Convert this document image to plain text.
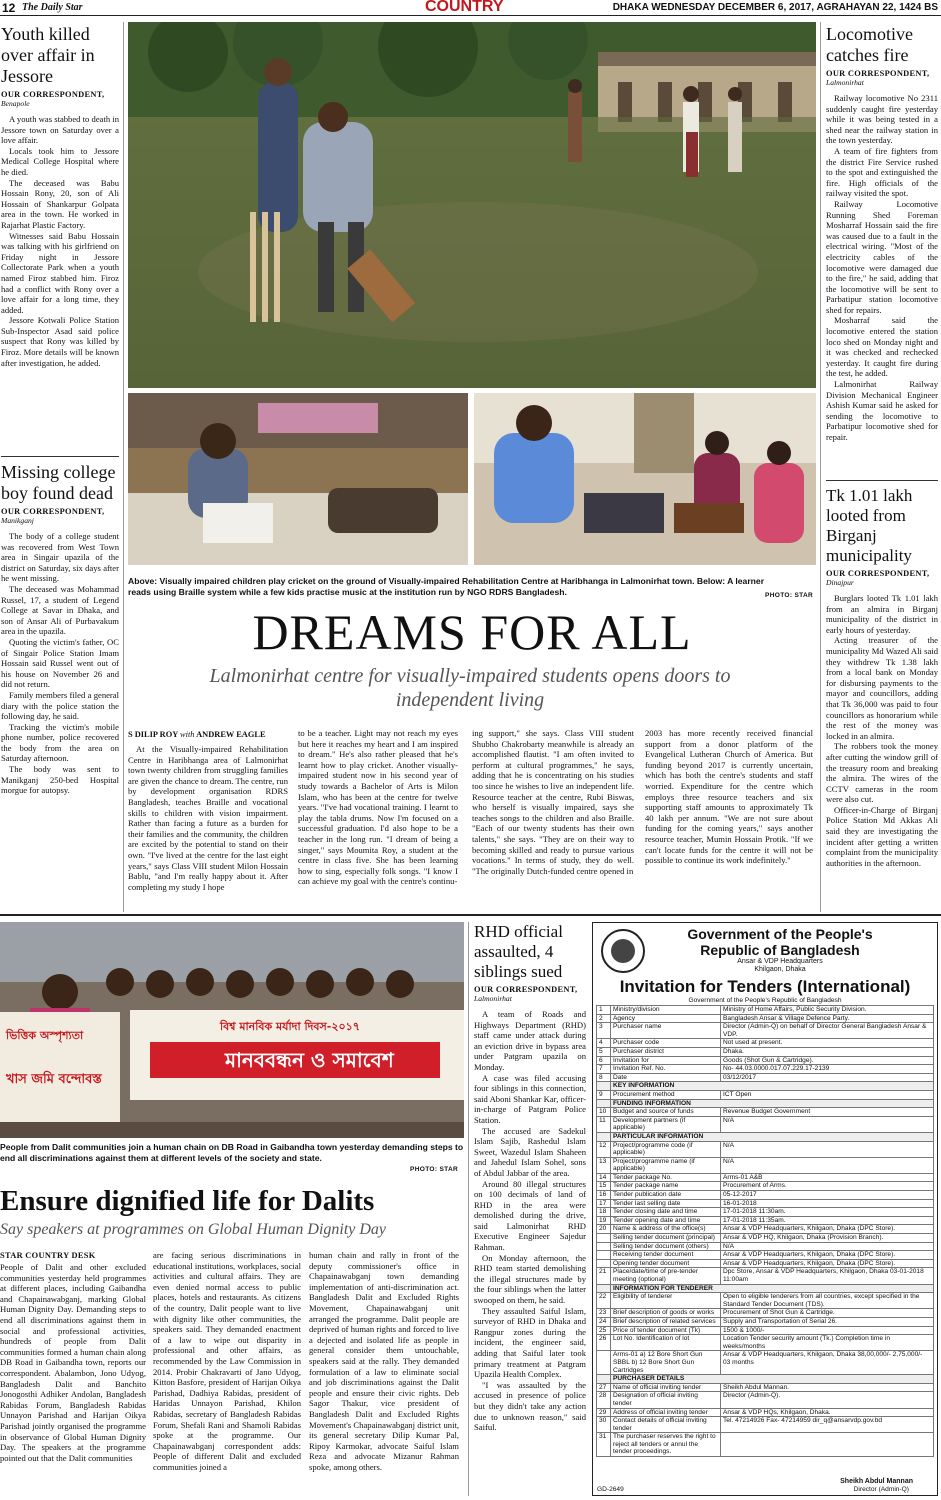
12 The Daily Star	COUNTRY	DHAKA WEDNESDAY DECEMBER 6, 2017, AGRAHAYAN 22, 1424 BS
Youth killed over affair in Jessore
OUR CORRESPONDENT,
Benapole

A youth was stabbed to death in Jessore town on Saturday over a love affair.

Locals took him to Jessore Medical College Hospital where he died.

The deceased was Babu Hossain Rony, 20, son of Ali Hossain of Shankarpur Golpata area in the town. He worked in Rajarhat Plastic Factory.

Witnesses said Babu Hossain was talking with his girlfriend on Friday night in Jessore Collectorate Park when a youth named Firoz stabbed him. Firoz had a conflict with Rony over a love affair for a long time, they added.

Jessore Kotwali Police Station Sub-Inspector Asad said police suspect that Rony was killed by Firoz. More details will be known after investigation, he added.

Missing college boy found dead
OUR CORRESPONDENT,
Manikganj

The body of a college student was recovered from West Town area in Singair upazila of the district on Saturday, six days after he went missing.

The deceased was Mohammad Russel, 17, a student of Legend College at Savar in Dhaka, and son of Ansar Ali of Purbavakum area in the upazila.

Quoting the victim's father, OC of Singair Police Station Imam Hossain said Russel went out of his house on November 26 and did not return.

Family members filed a general diary with the police station the following day, he said.

Tracking the victim's mobile phone number, police recovered the body from the area on Saturday afternoon.

The body was sent to Manikganj 250-bed Hospital morgue for autopsy.

Locomotive catches fire
OUR CORRESPONDENT,
Lalmonirhat

Railway locomotive No 2311 suddenly caught fire yesterday while it was being tested in a shed near the railway station in the town yesterday.

A team of fire fighters from the district Fire Service rushed to the spot and extinguished the fire. High officials of the railway visited the spot.

Railway Locomotive Running Shed Foreman Mosharraf Hossain said the fire was caused due to a fault in the electrical wiring. "Most of the electricity cables of the locomotive were damaged due to the fire," he said, adding that the locomotive will be sent to Parbatipur station locomotive shed for repairs.

Mosharraf said the locomotive entered the station loco shed on Monday night and it was checked and rechecked yesterday. It caught fire during the test, he added.

Lalmonirhat Railway Division Mechanical Engineer Ashish Kumar said he asked for sending the locomotive to Parbatipur locomotive shed for repair.

Tk 1.01 lakh looted from Birganj municipality
OUR CORRESPONDENT,
Dinajpur

Burglars looted Tk 1.01 lakh from an almira in Birganj municipality of the district in early hours of yesterday.

Acting treasurer of the municipality Md Wazed Ali said they withdrew Tk 1.38 lakh from a local bank on Monday for disbursing payments to the mayor and councillors, adding that Tk 36,000 was paid to four councillors as honorarium while the rest of the money was locked in an almira.

The robbers took the money after cutting the window grill of the treasury room and breaking the almira. The wires of the CCTV cameras in the room were also cut.

Officer-in-Charge of Birganj Police Station Md Akkas Ali said they are investigating the incident after getting a written complaint from the municipality authorities in the afternoon.

Above: Visually impaired children play cricket on the ground of Visually-impaired Rehabilitation Centre at Haribhanga in Lalmonirhat town. Below: A learner reads using Braille system while a few kids practise music at the institution run by NGO RDRS Bangladesh.	PHOTO: STAR
DREAMS FOR ALL
Lalmonirhat centre for visually-impaired students opens doors to independent living
S DILIP ROY with ANDREW EAGLE
At the Visually-impaired Rehabilitation Centre in Haribhanga area of Lalmonirhat town twenty children from struggling families are given the chance to dream. The centre, run by development organisation RDRS Bangladesh, teaches Braille and vocational skills to children with vision impairment. Rather than facing a future as a burden for their families and the community, the children are excited by the potential to stand on their own. "I've lived at the centre for the last eight years," says Class VIII student Milon Hossain Bablu, "and I'm really happy about it. After completing my study I hope
to be a teacher. Light may not reach my eyes but here it reaches my heart and I am inspired to dream." He's also rather pleased that he's learnt how to play cricket. Another visually-impaired student now in his second year of study towards a Bachelor of Arts is Milon Islam, who has been at the centre for twelve years. "I've had vocational training. I learnt to play the tabla drums. Now I'm focused on a successful graduation. I'd also hope to be a teacher in the long run. "I dream of being a singer," says Moumita Roy, a student at the centre in class five. She has been learning how to sing, especially folk songs. "I know I can achieve my goal with the centre's continu-
ing support," she says. Class VIII student Shubho Chakrobarty meanwhile is already an accomplished flautist. "I am often invited to perform at cultural programmes," he says, adding that he is concentrating on his studies too since he wishes to live an independent life. Resource teacher at the centre, Rubi Biswas, who herself is visually impaired, says she teaches songs to the children and also Braille. "Each of our twenty students has their own talents," she says. "They are on their way to becoming skilled and ready to pursue various vocations." In terms of study, they do well. "The originally Dutch-funded centre opened in
2003 has more recently received financial support from a donor platform of the Evangelical Lutheran Church of America. But funding beyond 2017 is currently uncertain, which has both the centre's students and staff worried. Expenditure for the centre which employs three resource teachers and six supporting staff amounts to approximately Tk 40 lakh per annum. "We are not sure about funding for the coming years," says another resource teacher, Mumin Hossain Protik. "If we can't locate funds for the centre it will not be possible to continue its work indefinitely."
বিশ্ব মানবিক মর্যাদা দিবস-২০১৭
মানববন্ধন ও সমাবেশ
ভিত্তিক অস্পৃশ্যতা
খাস জমি বন্দোবস্ত
People from Dalit communities join a human chain on DB Road in Gaibandha town yesterday demanding steps to end all discriminations against them at different levels of the society and state.
PHOTO: STAR
Ensure dignified life for Dalits
Say speakers at programmes on Global Human Dignity Day
STAR COUNTRY DESK
People of Dalit and other excluded communities yesterday held programmes at different places, including Gaibandha and Chapainawabganj, marking Global Human Dignity Day. Demanding steps to end all discriminations against them in social and professional activities, hundreds of people from Dalit communities formed a human chain along DB Road in Gaibandha town, reports our correspondent. Abalambon, Jono Udyog, Bangladesh Dalit and Banchito Jonogosthi Adhiker Andolan, Bangladesh Rabidas Forum, Bangladesh Rabidas Unnayon Parishad and Harijan Oikya Parishad jointly organised the programme in observance of Global Human Dignity Day. The speakers at the programme pointed out that the Dalit communities
are facing serious discriminations in educational institutions, workplaces, social activities and cultural affairs. They are even denied normal access to public places, hotels and restaurants. As citizens of the country, Dalit people want to live with dignity like other communities, the speakers said. They demanded enactment of a law to wipe out disparity in professional and other affairs, as recommended by the Law Commission in 2014. Probir Chakravarti of Jano Udyog, Kitton Basfore, president of Harijan Oikya Parishad, Dadhiya Rabidas, president of Haridas Unnayon Parishad, Khilon Rabidas, secretary of Bangladesh Rabidas Forum, Shefali Rani and Shamoli Rabidas spoke at the programme. Our Chapainawabganj correspondent adds: People of different Dalit and excluded communities joined a
human chain and rally in front of the deputy commissioner's office in Chapainawabganj town demanding implementation of anti-discrimination act. Bangladesh Dalit and Excluded Rights Movement, Chapainawabganj unit arranged the programme. Dalit people are deprived of human rights and forced to live a dejected and isolated life as people in general consider them untouchable, speakers said at the rally. They demanded formulation of a law to eliminate social and job discriminations against the Dalit people and ensure their civic rights. Deb Sagor Thakur, vice president of Bangladesh Dalit and Excluded Rights Movement's Chapainawabganj district unit, its general secretary Dilip Kumar Pal, Ripoy Karmokar, advocate Saiful Islam Reza and advocate Mizanur Rahman spoke, among others.
RHD official assaulted, 4 siblings sued
OUR CORRESPONDENT,
Lalmonirhat

A team of Roads and Highways Department (RHD) staff came under attack during an eviction drive in bypass area under Patgram upazila on Monday.

A case was filed accusing four siblings in this connection, said Aboni Shankar Kar, officer-in-charge of Patgram Police Station.

The accused are Sadekul Islam Sajib, Rashedul Islam Sweet, Wazedul Islam Shaheen and Jahedul Islam Sohel, sons of Abdul Jabbar of the area.

Around 80 illegal structures on 100 decimals of land of RHD in the area were demolished during the drive, said Lalmonirhat RHD Executive Engineer Sajedur Rahman.

On Monday afternoon, the RHD team started demolishing the illegal structures made by the four siblings when the latter swooped on them, he said.

They assaulted Saiful Islam, surveyor of RHD in Dhaka and Rangpur zones during the incident, the engineer said, adding that Saiful later took primary treatment at Patgram Upazila Health Complex.

"I was assaulted by the accused in presence of police but they didn't take any action due to unknown reason," said Saiful.

Government of the People's
Republic of Bangladesh
Ansar & VDP Headquarters
Khilgaon, Dhaka
Invitation for Tenders (International)
Government of the People's Republic of Bangladesh
1	Ministry/division	Ministry of Home Affairs, Public Security Division.
2	Agency	Bangladesh Ansar & Village Defence Party.
3	Purchaser name	Director (Admin-Q) on behalf of Director General Bangladesh Ansar & VDP.
4	Purchaser code	Not used at present.
5	Purchaser district	Dhaka.
6	Invitation for	Goods (Shot Gun & Cartridge).
7	Invitation Ref. No.	No- 44.03.0000.017.07.229.17-2139
8	Date	03/12/2017
	KEY INFORMATION	
9	Procurement method	ICT Open
	FUNDING INFORMATION	
10	Budget and source of funds	Revenue Budget Government
11	Development partners (if applicable)	N/A
	PARTICULAR INFORMATION	
12	Project/programme code (if applicable)	N/A
13	Project/programme name (if applicable)	N/A
14	Tender package No.	Arms-01 A&B
15	Tender package name	Procurement of Arms.
16	Tender publication date	05-12-2017
17	Tender last selling date	16-01-2018
18	Tender closing date and time	17-01-2018 11:30am.
19	Tender opening date and time	17-01-2018 11:35am.
20	Name & address of the office(s)	Ansar & VDP Headquarters, Khilgaon, Dhaka (DPC Store).
	Selling tender document (principal)	Ansar & VDP HQ, Khilgaon, Dhaka (Provision Branch).
	Selling tender document (others)	N/A
	Receiving tender document	Ansar & VDP Headquarters, Khilgaon, Dhaka (DPC Store).
	Opening tender document	Ansar & VDP Headquarters, Khilgaon, Dhaka (DPC Store).
21	Place/date/time of pre-tender meeting (optional)	Dpc Store, Ansar & VDP Headquarters, Khilgaon, Dhaka 03-01-2018 11:00am
	INFORMATION FOR TENDERER	
22	Eligibility of tenderer	Open to eligible tenderers from all countries, except specified in the Standard Tender Document (TDS).
23	Brief description of goods or works	Procurement of Shot Gun & Cartridge.
24	Brief description of related services	Supply and Transportation of Serial 26.
25	Price of tender document (Tk)	1500 & 1000/-
26	Lot No. Identification of lot	Location Tender security amount (Tk.) Completion time in weeks/months
	Arms-01 a) 12 Bore Short Gun SBBL b) 12 Bore Short Gun Cartridges	Ansar & VDP Headquarters, Khilgaon, Dhaka 38,00,000/- 2,75,000/- 03 months
	PURCHASER DETAILS	
27	Name of official inviting tender	Sheikh Abdul Mannan.
28	Designation of official inviting tender	Director (Admin-Q).
29	Address of official inviting tender	Ansar & VDP HQs, Khilgaon, Dhaka.
30	Contact details of official inviting tender	Tel. 47214926 Fax- 47214959 dir_q@ansarvdp.gov.bd
31	The purchaser reserves the right to reject all tenders or annul the tender proceedings.	
Sheikh Abdul Mannan
Director (Admin-Q)
GD-2649
